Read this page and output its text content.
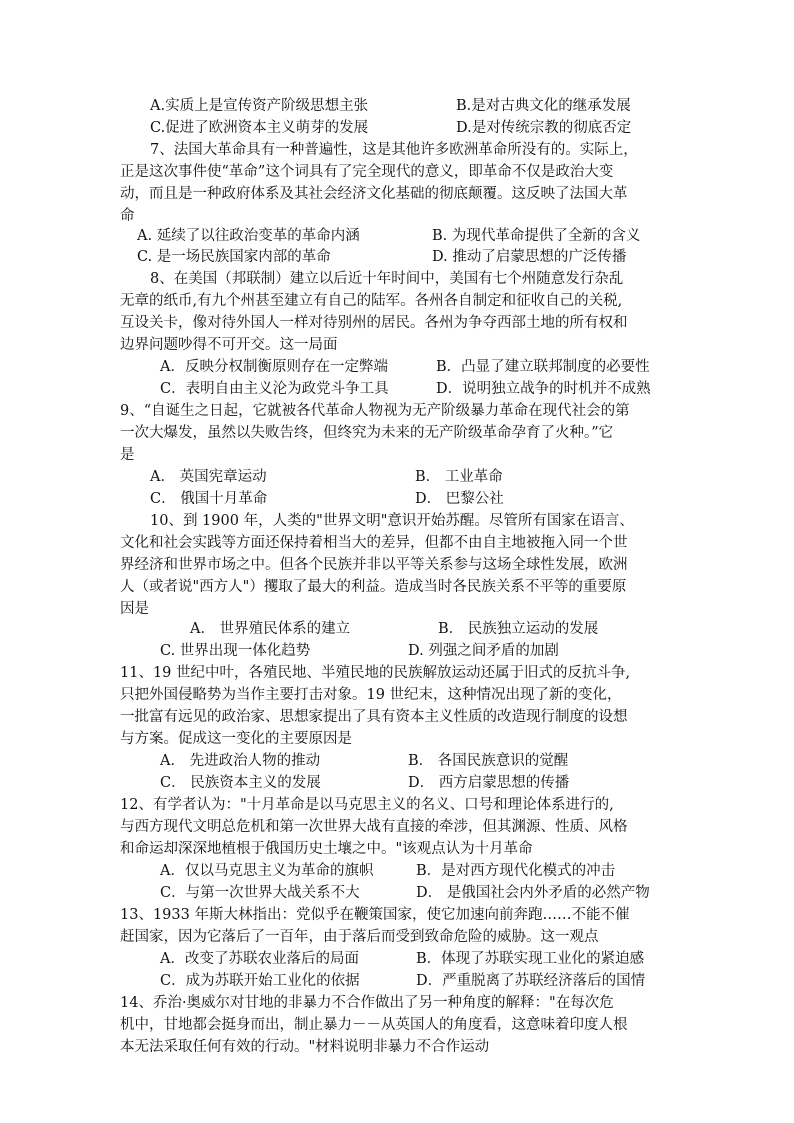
A.实质上是宣传资产阶级思想主张	B.是对古典文化的继承发展
C.促进了欧洲资本主义萌芽的发展	D.是对传统宗教的彻底否定
7、法国大革命具有一种普遍性，这是其他许多欧洲革命所没有的。实际上，
正是这次事件使“革命”这个词具有了完全现代的意义，即革命不仅是政治大变
动，而且是一种政府体系及其社会经济文化基础的彻底颠覆。这反映了法国大革
命
A. 延续了以往政治变革的革命内涵	B. 为现代革命提供了全新的含义
C. 是一场民族国家内部的革命	D. 推动了启蒙思想的广泛传播
8、在美国（邦联制）建立以后近十年时间中，美国有七个州随意发行杂乱
无章的纸币,有九个州甚至建立有自己的陆军。各州各自制定和征收自己的关税,
互设关卡，像对待外国人一样对待别州的居民。各州为争夺西部土地的所有权和
边界问题吵得不可开交。这一局面
A．反映分权制衡原则存在一定弊端	B．凸显了建立联邦制度的必要性
C．表明自由主义沦为政党斗争工具	D．说明独立战争的时机并不成熟
9、“自诞生之日起，它就被各代革命人物视为无产阶级暴力革命在现代社会的第
一次大爆发，虽然以失败告终，但终究为未来的无产阶级革命孕育了火种。”它
是
A． 英国宪章运动	B． 工业革命
C． 俄国十月革命	D． 巴黎公社
10、到 1900 年，人类的"世界文明"意识开始苏醒。尽管所有国家在语言、
文化和社会实践等方面还保持着相当大的差异，但都不由自主地被拖入同一个世
界经济和世界市场之中。但各个民族并非以平等关系参与这场全球性发展，欧洲
人（或者说"西方人"）攫取了最大的利益。造成当时各民族关系不平等的重要原
因是
A． 世界殖民体系的建立	B． 民族独立运动的发展
C. 世界出现一体化趋势	D. 列强之间矛盾的加剧
11、19 世纪中叶，各殖民地、半殖民地的民族解放运动还属于旧式的反抗斗争,
只把外国侵略势为当作主要打击对象。19 世纪末，这种情况出现了新的变化，
一批富有远见的政治家、思想家提出了具有资本主义性质的改造现行制度的设想
与方案。促成这一变化的主要原因是
A． 先进政治人物的推动	B． 各国民族意识的觉醒
C． 民族资本主义的发展	D． 西方启蒙思想的传播
12、有学者认为："十月革命是以马克思主义的名义、口号和理论体系进行的,
与西方现代文明总危机和第一次世界大战有直接的牵涉，但其渊源、性质、风格
和命运却深深地植根于俄国历史土壤之中。"该观点认为十月革命
A．仅以马克思主义为革命的旗帜	B．是对西方现代化模式的冲击
C．与第一次世界大战关系不大	D． 是俄国社会内外矛盾的必然产物
13、1933 年斯大林指出：党似乎在鞭策国家，使它加速向前奔跑……不能不催
赶国家，因为它落后了一百年，由于落后而受到致命危险的威胁。这一观点
A．改变了苏联农业落后的局面	B．体现了苏联实现工业化的紧迫感
C．成为苏联开始工业化的依据	D．严重脱离了苏联经济落后的国情
14、乔治·奥威尔对甘地的非暴力不合作做出了另一种角度的解释："在每次危
机中，甘地都会挺身而出，制止暴力－－从英国人的角度看，这意味着印度人根
本无法采取任何有效的行动。"材料说明非暴力不合作运动
